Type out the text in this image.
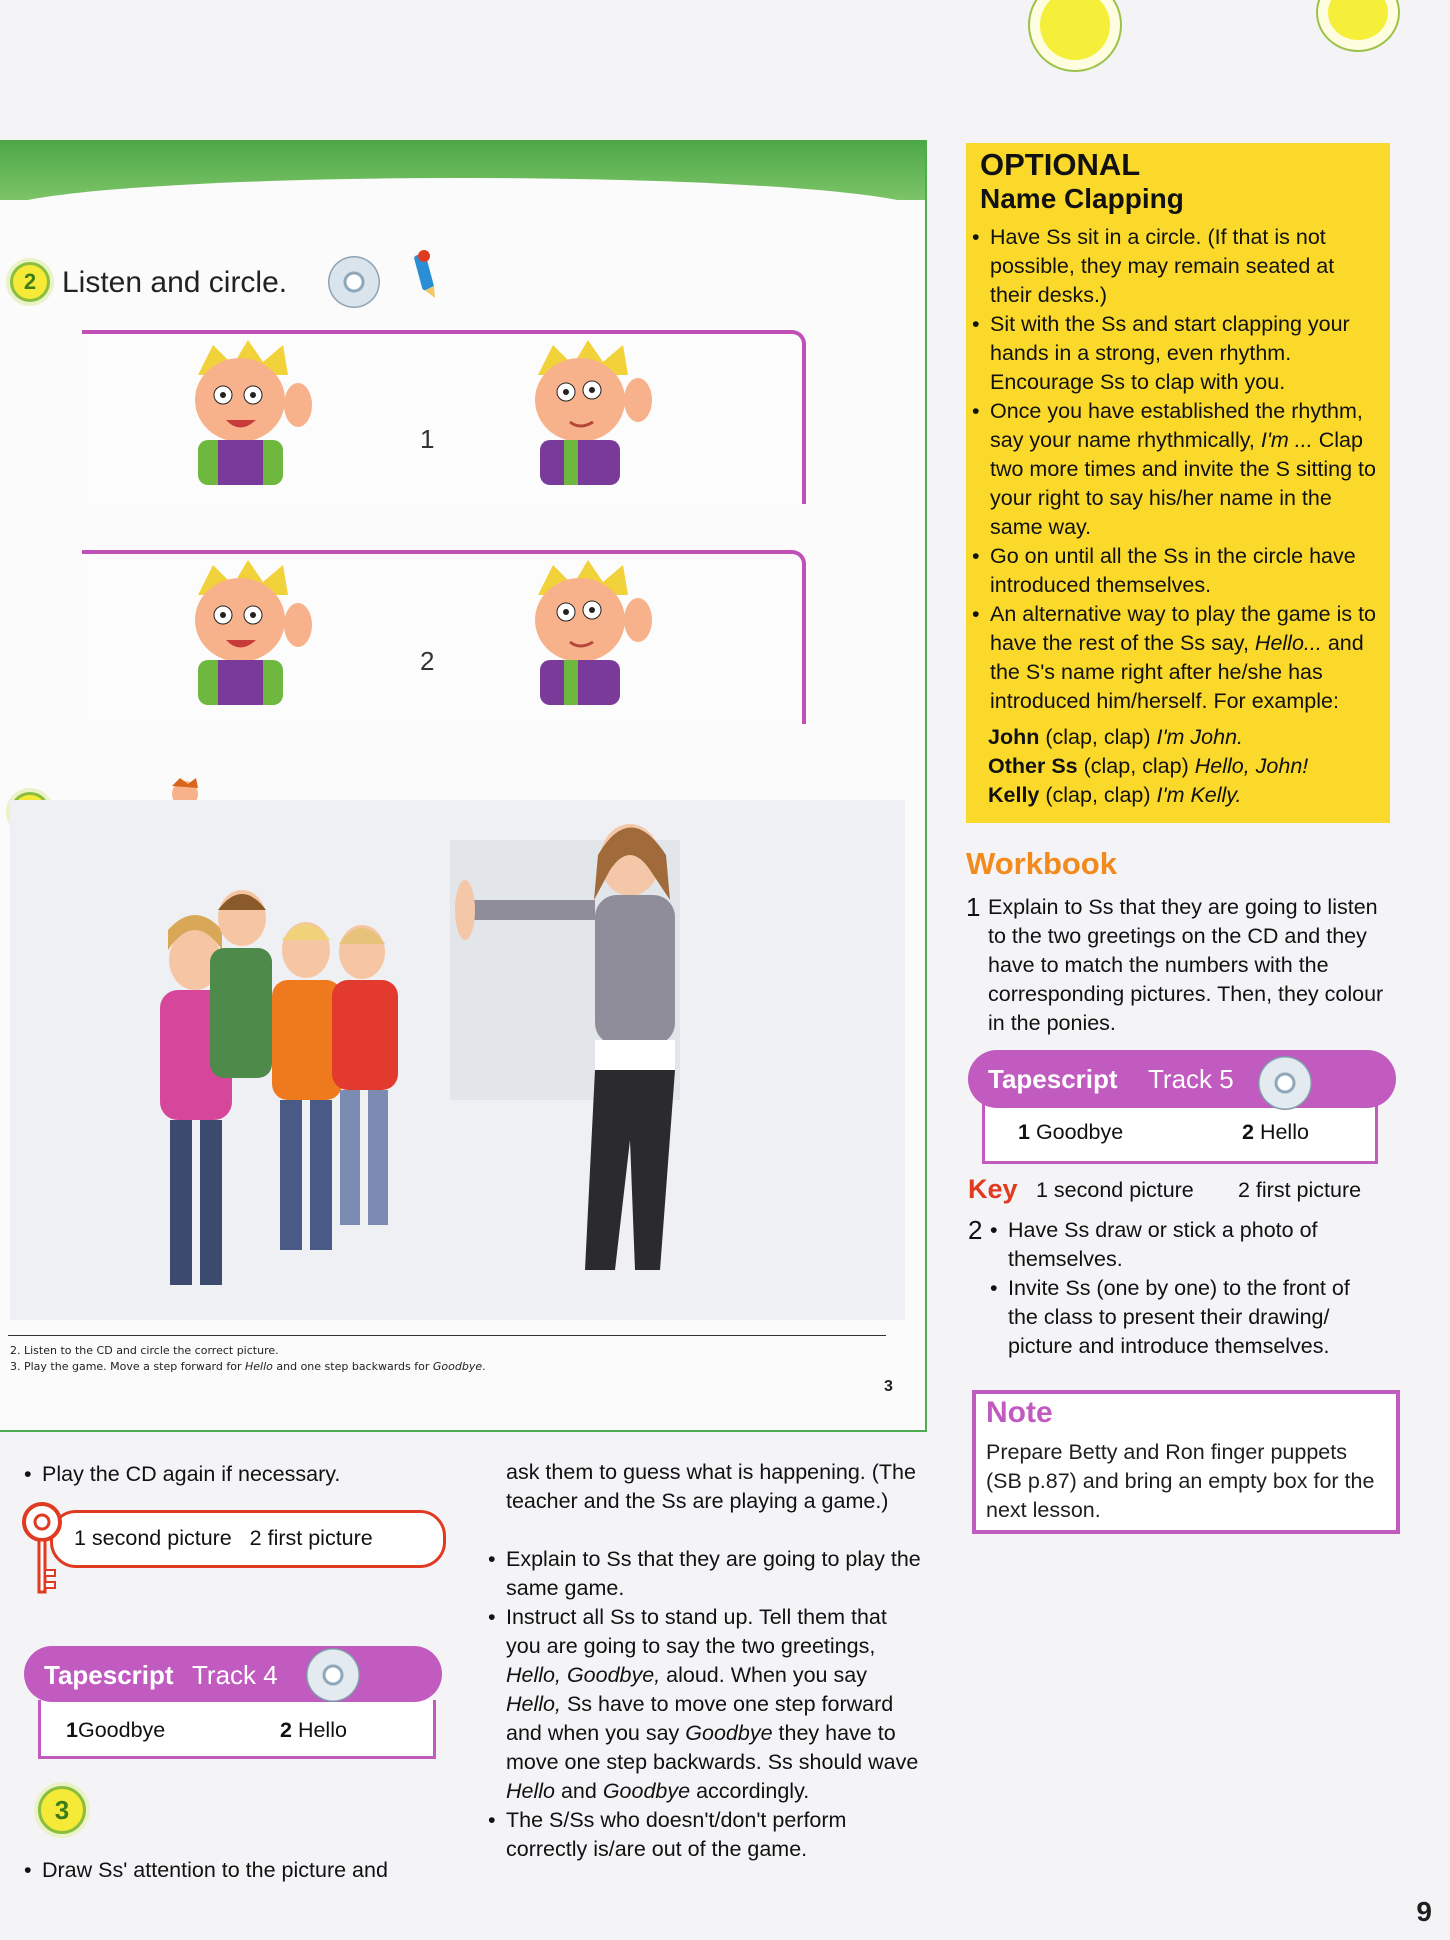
2 Listen and circle.
1
2
2. Listen to the CD and circle the correct picture.
3. Play the game. Move a step forward for Hello and one step backwards for Goodbye.
3
OPTIONAL
Name Clapping
• Have Ss sit in a circle. (If that is not possible, they may remain seated at their desks.)
• Sit with the Ss and start clapping your hands in a strong, even rhythm. Encourage Ss to clap with you.
• Once you have established the rhythm, say your name rhythmically, I'm ... Clap two more times and invite the S sitting to your right to say his/her name in the same way.
• Go on until all the Ss in the circle have introduced themselves.
• An alternative way to play the game is to have the rest of the Ss say, Hello... and the S's name right after he/she has introduced him/herself. For example:
John (clap, clap) I'm John.
Other Ss (clap, clap) Hello, John!
Kelly (clap, clap) I'm Kelly.
Workbook
1 Explain to Ss that they are going to listen to the two greetings on the CD and they have to match the numbers with the corresponding pictures. Then, they colour in the ponies.
Tapescript Track 5
1 Goodbye	2 Hello
Key 1 second picture 2 first picture
2
•	Have Ss draw or stick a photo of themselves.
• Invite Ss (one by one) to the front of the class to present their drawing/ picture and introduce themselves.
Note
Prepare Betty and Ron finger puppets (SB p.87) and bring an empty box for the next lesson.
• Play the CD again if necessary.
1 second picture   2 first picture
Tapescript Track 4
1Goodbye	2 Hello
3
• Draw Ss' attention to the picture and
ask them to guess what is happening. (The teacher and the Ss are playing a game.)
• Explain to Ss that they are going to play the same game.
• Instruct all Ss to stand up. Tell them that you are going to say the two greetings, Hello, Goodbye, aloud. When you say Hello, Ss have to move one step forward and when you say Goodbye they have to move one step backwards. Ss should wave Hello and Goodbye accordingly.
• The S/Ss who doesn't/don't perform correctly is/are out of the game.
9
